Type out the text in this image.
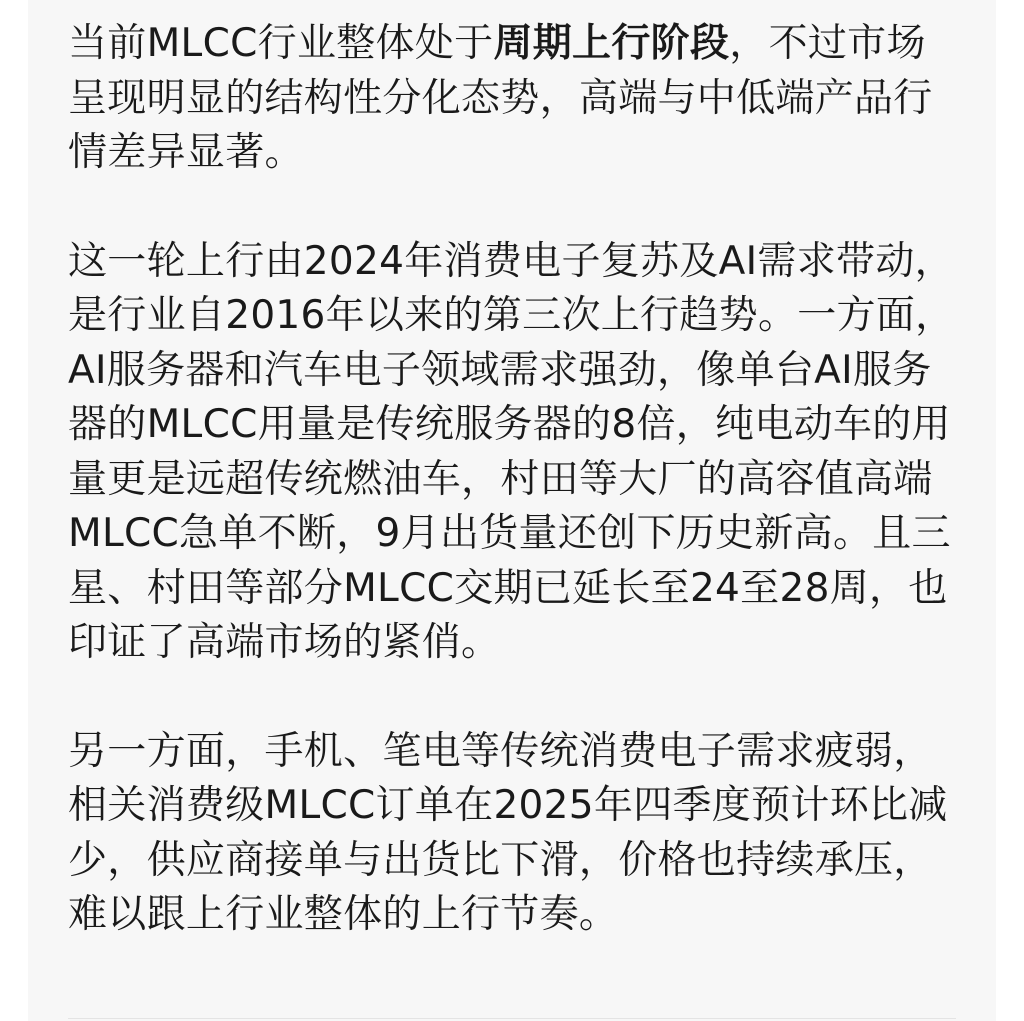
当前MLCC行业整体处于周期上行阶段，不过市场呈现明显的结构性分化态势，高端与中低端产品行情差异显著。

这一轮上行由2024年消费电子复苏及AI需求带动，是行业自2016年以来的第三次上行趋势。一方面，AI服务器和汽车电子领域需求强劲，像单台AI服务器的MLCC用量是传统服务器的8倍，纯电动车的用量更是远超传统燃油车，村田等大厂的高容值高端MLCC急单不断，9月出货量还创下历史新高。且三星、村田等部分MLCC交期已延长至24至28周，也印证了高端市场的紧俏。

另一方面，手机、笔电等传统消费电子需求疲弱，相关消费级MLCC订单在2025年四季度预计环比减少，供应商接单与出货比下滑，价格也持续承压，难以跟上行业整体的上行节奏。
